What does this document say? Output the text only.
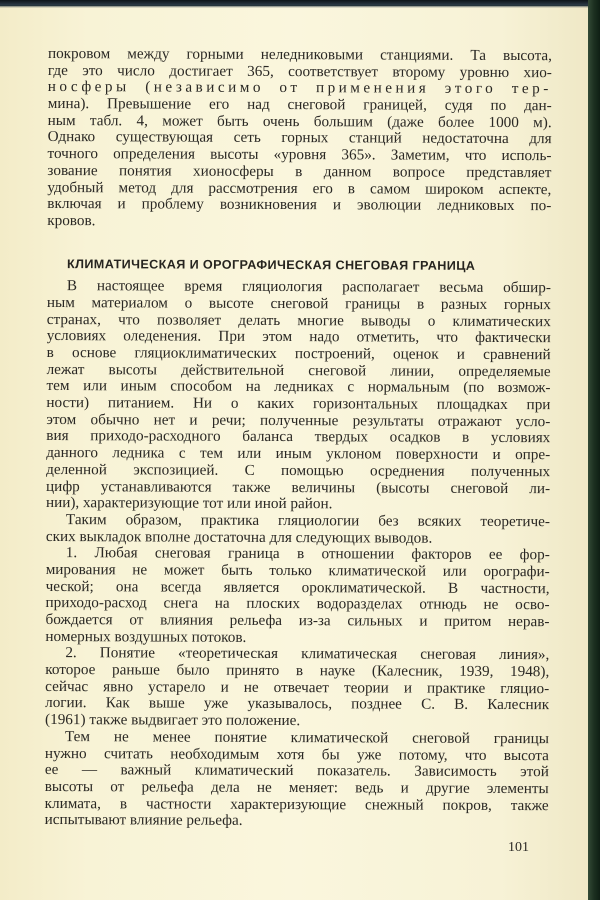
покровом между горными неледниковыми станциями. Та высота,
где это число достигает 365, соответствует второму уровню хио-
носферы (независимо от применения этого тер-
мина). Превышение его над снеговой границей, судя по дан-
ным табл. 4, может быть очень большим (даже более 1000 м).
Однако существующая сеть горных станций недостаточна для
точного определения высоты «уровня 365». Заметим, что исполь-
зование понятия хионосферы в данном вопросе представляет
удобный метод для рассмотрения его в самом широком аспекте,
включая и проблему возникновения и эволюции ледниковых по-
кровов.
КЛИМАТИЧЕСКАЯ И ОРОГРАФИЧЕСКАЯ СНЕГОВАЯ ГРАНИЦА
В настоящее время гляциология располагает весьма обшир-
ным материалом о высоте снеговой границы в разных горных
странах, что позволяет делать многие выводы о климатических
условиях оледенения. При этом надо отметить, что фактически
в основе гляциоклиматических построений, оценок и сравнений
лежат высоты действительной снеговой линии, определяемые
тем или иным способом на ледниках с нормальным (по возмож-
ности) питанием. Ни о каких горизонтальных площадках при
этом обычно нет и речи; полученные результаты отражают усло-
вия приходо-расходного баланса твердых осадков в условиях
данного ледника с тем или иным уклоном поверхности и опре-
деленной экспозицией. С помощью осреднения полученных
цифр устанавливаются также величины (высоты снеговой ли-
нии), характеризующие тот или иной район.
Таким образом, практика гляциологии без всяких теоретиче-
ских выкладок вполне достаточна для следующих выводов.
1. Любая снеговая граница в отношении факторов ее фор-
мирования не может быть только климатической или орографи-
ческой; она всегда является ороклиматической. В частности,
приходо-расход снега на плоских водоразделах отнюдь не осво-
бождается от влияния рельефа из-за сильных и притом нерав-
номерных воздушных потоков.
2. Понятие «теоретическая климатическая снеговая линия»,
которое раньше было принято в науке (Калесник, 1939, 1948),
сейчас явно устарело и не отвечает теории и практике гляцио-
логии. Как выше уже указывалось, позднее С. В. Калесник
(1961) также выдвигает это положение.
Тем не менее понятие климатической снеговой границы
нужно считать необходимым хотя бы уже потому, что высота
ее — важный климатический показатель. Зависимость этой
высоты от рельефа дела не меняет: ведь и другие элементы
климата, в частности характеризующие снежный покров, также
испытывают влияние рельефа.
101
